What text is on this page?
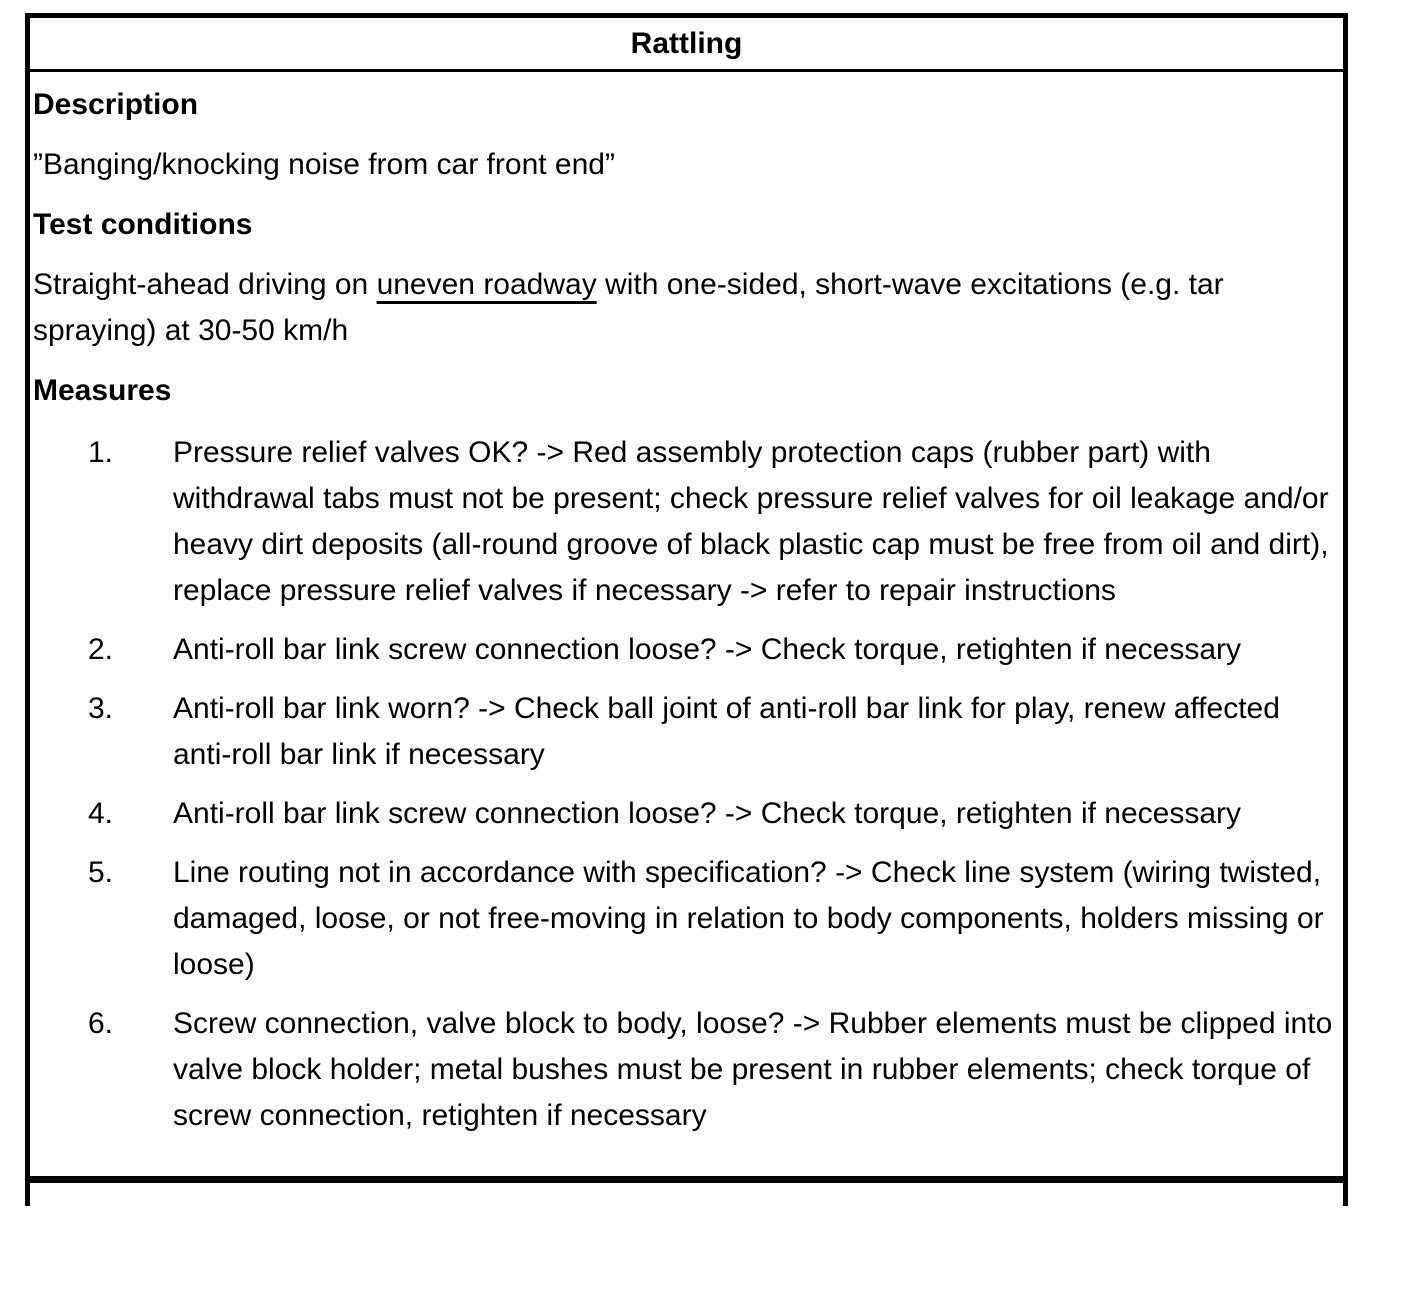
Rattling

Description

”Banging/knocking noise from car front end”

Test conditions

Straight-ahead driving on uneven roadway with one-sided, short-wave excitations (e.g. tar spraying) at 30-50 km/h

Measures

1.	Pressure relief valves OK? -> Red assembly protection caps (rubber part) with withdrawal tabs must not be present; check pressure relief valves for oil leakage and/or heavy dirt deposits (all-round groove of black plastic cap must be free from oil and dirt), replace pressure relief valves if necessary -> refer to repair instructions
2.	Anti-roll bar link screw connection loose? -> Check torque, retighten if necessary
3.	Anti-roll bar link worn? -> Check ball joint of anti-roll bar link for play, renew affected anti-roll bar link if necessary
4.	Anti-roll bar link screw connection loose? -> Check torque, retighten if necessary
5.	Line routing not in accordance with specification? -> Check line system (wiring twisted, damaged, loose, or not free-moving in relation to body components, holders missing or loose)
6.	Screw connection, valve block to body, loose? -> Rubber elements must be clipped into valve block holder; metal bushes must be present in rubber elements; check torque of screw connection, retighten if necessary
